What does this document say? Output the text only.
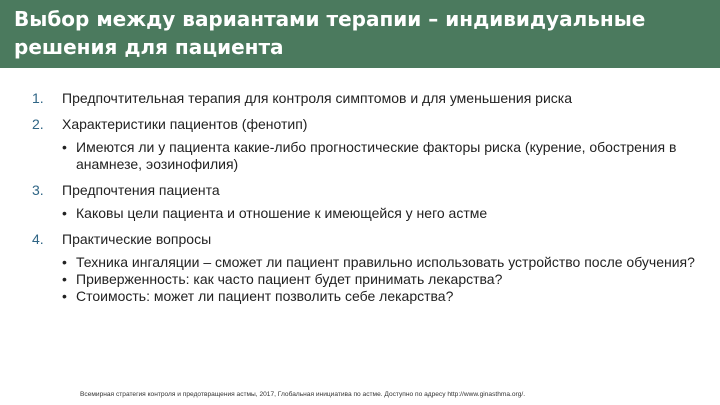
Выбор между вариантами терапии – индивидуальные
решения для пациента
1.	Предпочтительная терапия для контроля симптомов и для уменьшения риска
2.	Характеристики пациентов (фенотип)
• Имеются ли у пациента какие-либо прогностические факторы риска (курение, обострения в анамнезе, эозинофилия)
3.	Предпочтения пациента
• Каковы цели пациента и отношение к имеющейся у него астме
4.	Практические вопросы
• Техника ингаляции – сможет ли пациент правильно использовать устройство после обучения?
• Приверженность: как часто пациент будет принимать лекарства?
• Стоимость: может ли пациент позволить себе лекарства?
Всемирная стратегия контроля и предотвращения астмы, 2017, Глобальная инициатива по астме. Доступно по адресу http://www.ginasthma.org/.
